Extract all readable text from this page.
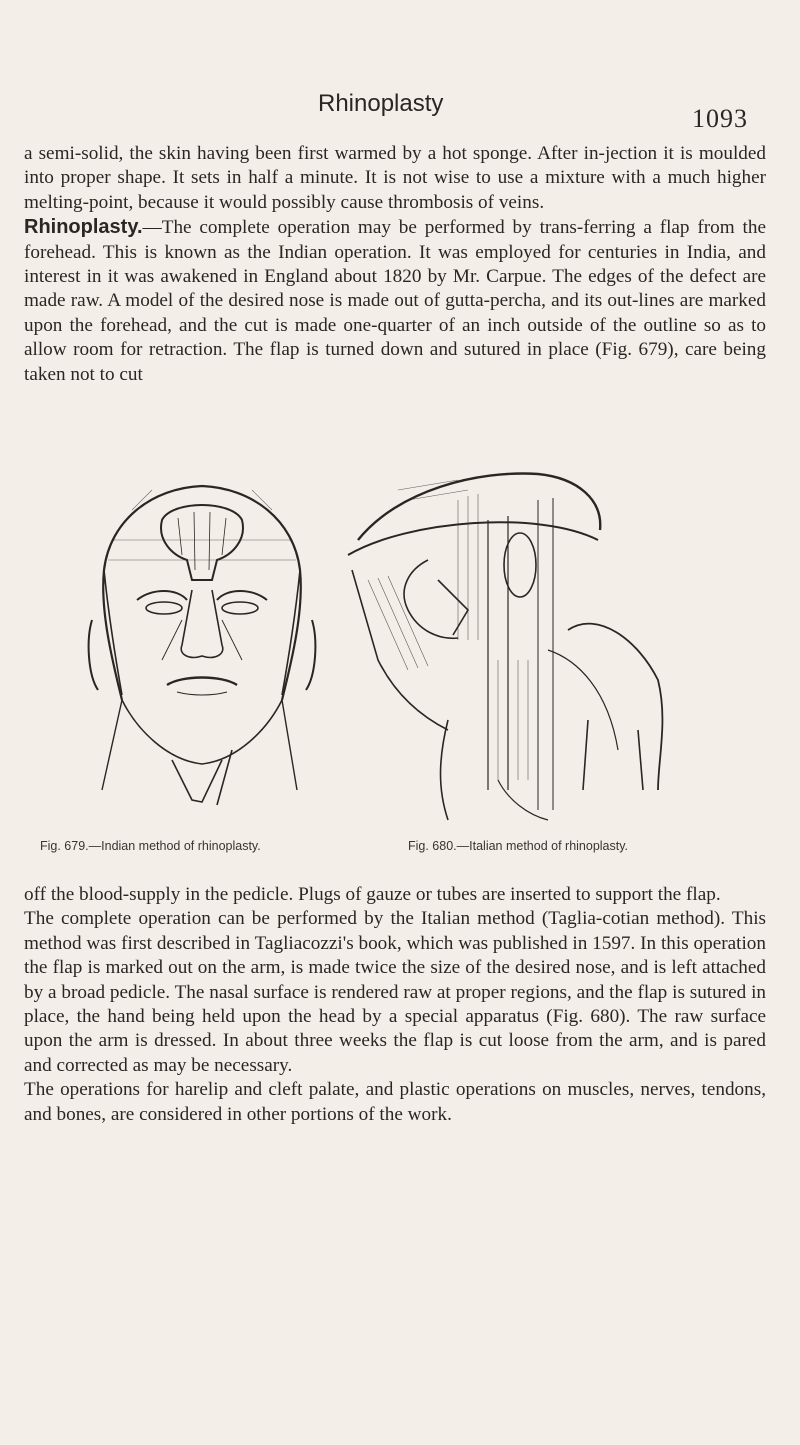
Rhinoplasty
1093

a semi-solid, the skin having been first warmed by a hot sponge. After in-jection it is moulded into proper shape. It sets in half a minute. It is not wise to use a mixture with a much higher melting-point, because it would possibly cause thrombosis of veins.

Rhinoplasty.—The complete operation may be performed by trans-ferring a flap from the forehead. This is known as the Indian operation. It was employed for centuries in India, and interest in it was awakened in England about 1820 by Mr. Carpue. The edges of the defect are made raw. A model of the desired nose is made out of gutta-percha, and its out-lines are marked upon the forehead, and the cut is made one-quarter of an inch outside of the outline so as to allow room for retraction. The flap is turned down and sutured in place (Fig. 679), care being taken not to cut

Fig. 679.—Indian method of rhinoplasty.	Fig. 680.—Italian method of rhinoplasty.

off the blood-supply in the pedicle. Plugs of gauze or tubes are inserted to support the flap.

The complete operation can be performed by the Italian method (Taglia-cotian method). This method was first described in Tagliacozzi's book, which was published in 1597. In this operation the flap is marked out on the arm, is made twice the size of the desired nose, and is left attached by a broad pedicle. The nasal surface is rendered raw at proper regions, and the flap is sutured in place, the hand being held upon the head by a special apparatus (Fig. 680). The raw surface upon the arm is dressed. In about three weeks the flap is cut loose from the arm, and is pared and corrected as may be necessary.

The operations for harelip and cleft palate, and plastic operations on muscles, nerves, tendons, and bones, are considered in other portions of the work.
